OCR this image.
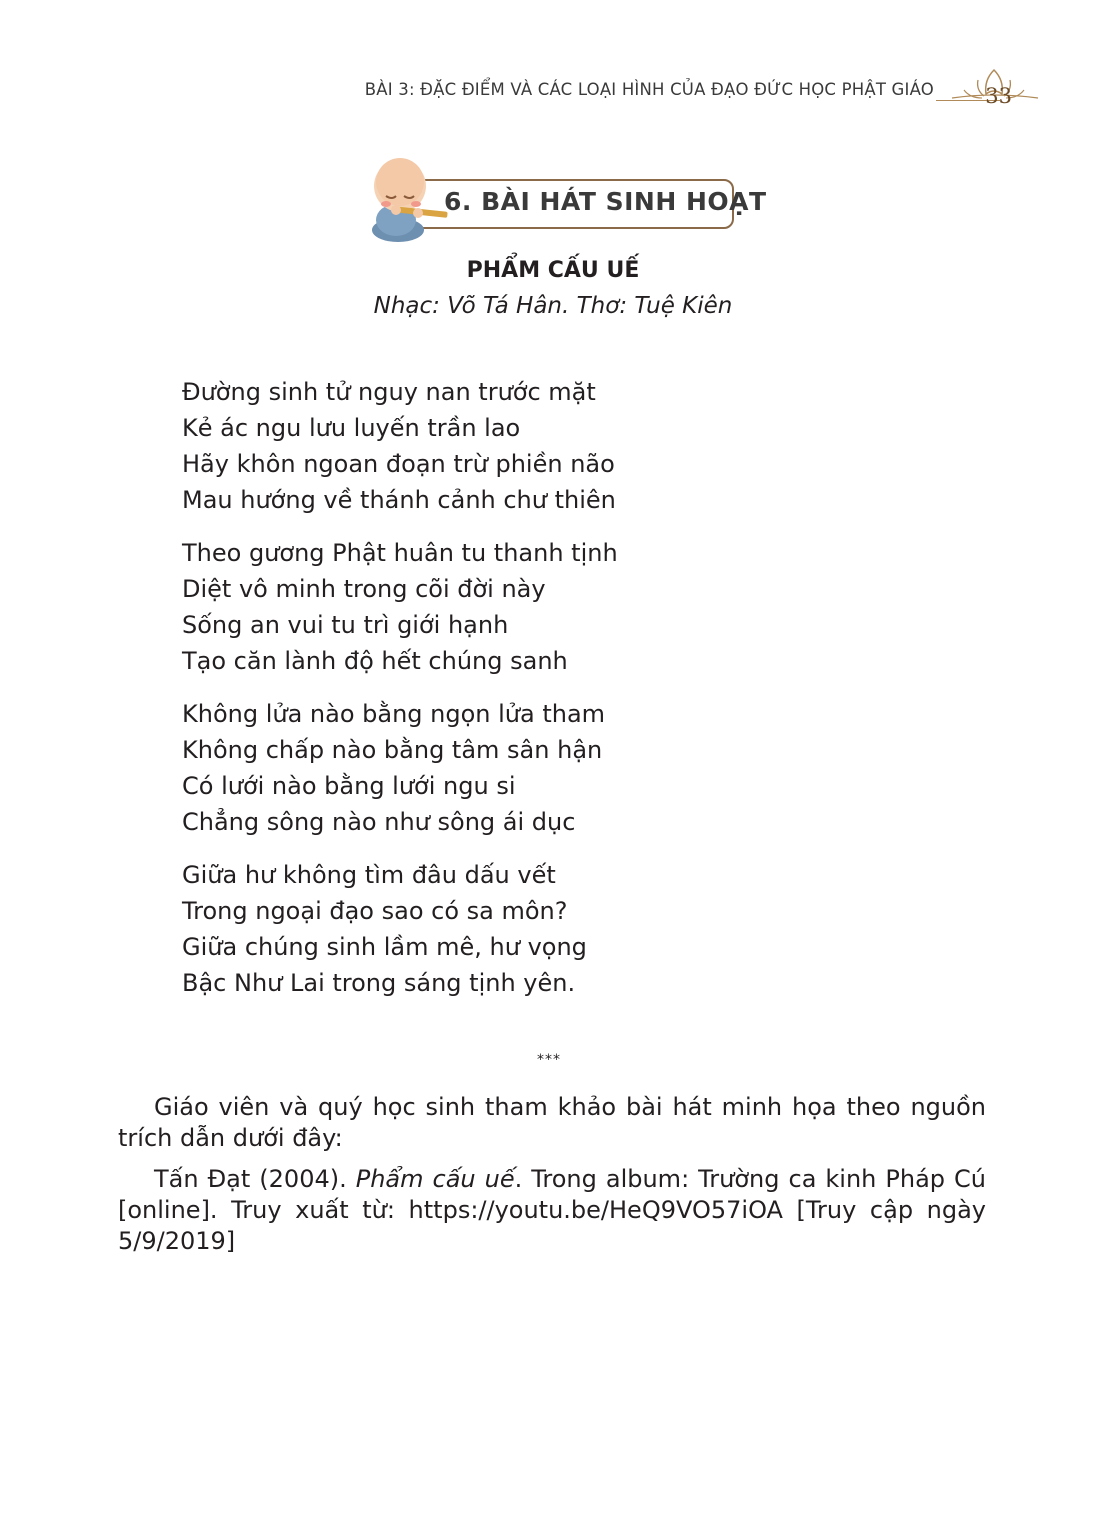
BÀI 3: ĐẶC ĐIỂM VÀ CÁC LOẠI HÌNH CỦA ĐẠO ĐỨC HỌC PHẬT GIÁO 33
6. BÀI HÁT SINH HOẠT
PHẨM CẤU UẾ
Nhạc: Võ Tá Hân. Thơ: Tuệ Kiên
Đường sinh tử nguy nan trước mặt
Kẻ ác ngu lưu luyến trần lao
Hãy khôn ngoan đoạn trừ phiền não
Mau hướng về thánh cảnh chư thiên
Theo gương Phật huân tu thanh tịnh
Diệt vô minh trong cõi đời này
Sống an vui tu trì giới hạnh
Tạo căn lành độ hết chúng sanh
Không lửa nào bằng ngọn lửa tham
Không chấp nào bằng tâm sân hận
Có lưới nào bằng lưới ngu si
Chẳng sông nào như sông ái dục
Giữa hư không tìm đâu dấu vết
Trong ngoại đạo sao có sa môn?
Giữa chúng sinh lầm mê, hư vọng
Bậc Như Lai trong sáng tịnh yên.
***
Giáo viên và quý học sinh tham khảo bài hát minh họa theo nguồn trích dẫn dưới đây:
Tấn Đạt (2004). Phẩm cấu uế. Trong album: Trường ca kinh Pháp Cú [online]. Truy xuất từ: https://youtu.be/HeQ9VO57iOA [Truy cập ngày 5/9/2019]
